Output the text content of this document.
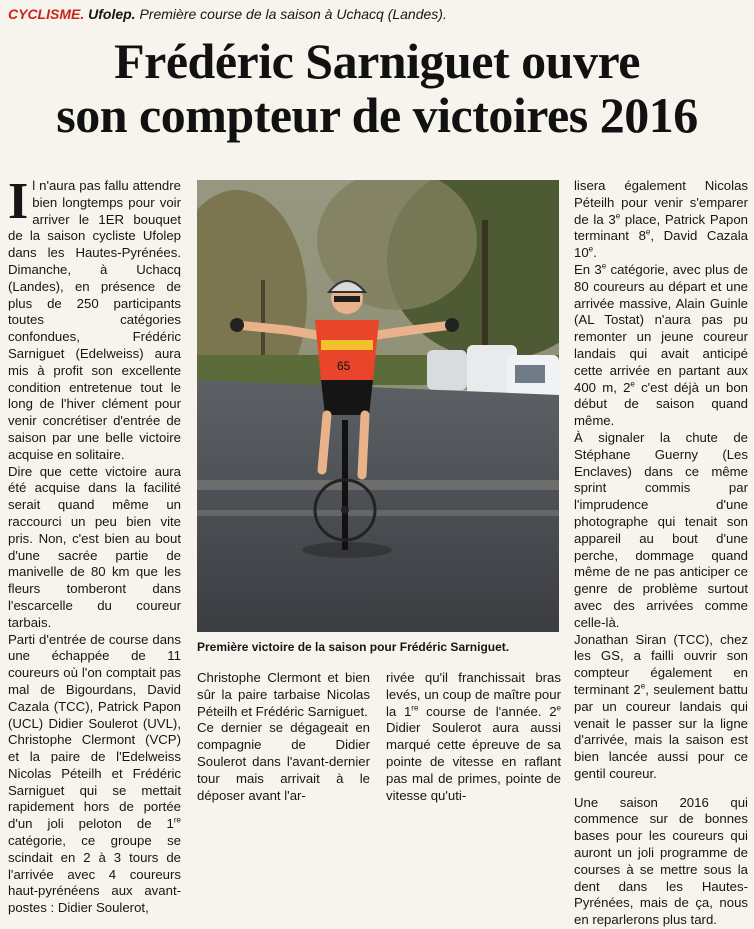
CYCLISME. Ufolep. Première course de la saison à Uchacq (Landes).
Frédéric Sarniguet ouvre
son compteur de victoires 2016

Il n'aura pas fallu attendre bien longtemps pour voir arriver le 1ER bouquet de la saison cycliste Ufolep dans les Hautes-Pyrénées. Dimanche, à Uchacq (Landes), en présence de plus de 250 participants toutes catégories confondues, Frédéric Sarniguet (Edelweiss) aura mis à profit son excellente condition entretenue tout le long de l'hiver clément pour venir concrétiser d'entrée de saison par une belle victoire acquise en solitaire.

Dire que cette victoire aura été acquise dans la facilité serait quand même un raccourci un peu bien vite pris. Non, c'est bien au bout d'une sacrée partie de manivelle de 80 km que les fleurs tomberont dans l'escarcelle du coureur tarbais.

Parti d'entrée de course dans une échappée de 11 coureurs où l'on comptait pas mal de Bigourdans, David Cazala (TCC), Patrick Papon (UCL) Didier Soulerot (UVL), Christophe Clermont (VCP) et la paire de l'Edelweiss Nicolas Péteilh et Frédéric Sarniguet qui se mettait rapidement hors de portée d'un joli peloton de 1re catégorie, ce groupe se scindait en 2 à 3 tours de l'arrivée avec 4 coureurs haut-pyrénéens aux avant-postes : Didier Soulerot,

65
Première victoire de la saison pour Frédéric Sarniguet.

Christophe Clermont et bien sûr la paire tarbaise Nicolas Péteilh et Frédéric Sarniguet.

Ce dernier se dégageait en compagnie de Didier Soulerot dans l'avant-dernier tour mais arrivait à le déposer avant l'ar-

rivée qu'il franchissait bras levés, un coup de maître pour la 1re course de l'année. 2e Didier Soulerot aura aussi marqué cette épreuve de sa pointe de vitesse en raflant pas mal de primes, pointe de vitesse qu'uti-

lisera également Nicolas Péteilh pour venir s'emparer de la 3e place, Patrick Papon terminant 8e, David Cazala 10e.

En 3e catégorie, avec plus de 80 coureurs au départ et une arrivée massive, Alain Guinle (AL Tostat) n'aura pas pu remonter un jeune coureur landais qui avait anticipé cette arrivée en partant aux 400 m, 2e c'est déjà un bon début de saison quand même.

À signaler la chute de Stéphane Guerny (Les Enclaves) dans ce même sprint commis par l'imprudence d'une photographe qui tenait son appareil au bout d'une perche, dommage quand même de ne pas anticiper ce genre de problème surtout avec des arrivées comme celle-là.

Jonathan Siran (TCC), chez les GS, a failli ouvrir son compteur également en terminant 2e, seulement battu par un coureur landais qui venait le passer sur la ligne d'arrivée, mais la saison est bien lancée aussi pour ce gentil coureur.

Une saison 2016 qui commence sur de bonnes bases pour les coureurs qui auront un joli programme de courses à se mettre sous la dent dans les Hautes-Pyrénées, mais de ça, nous en reparlerons plus tard.
